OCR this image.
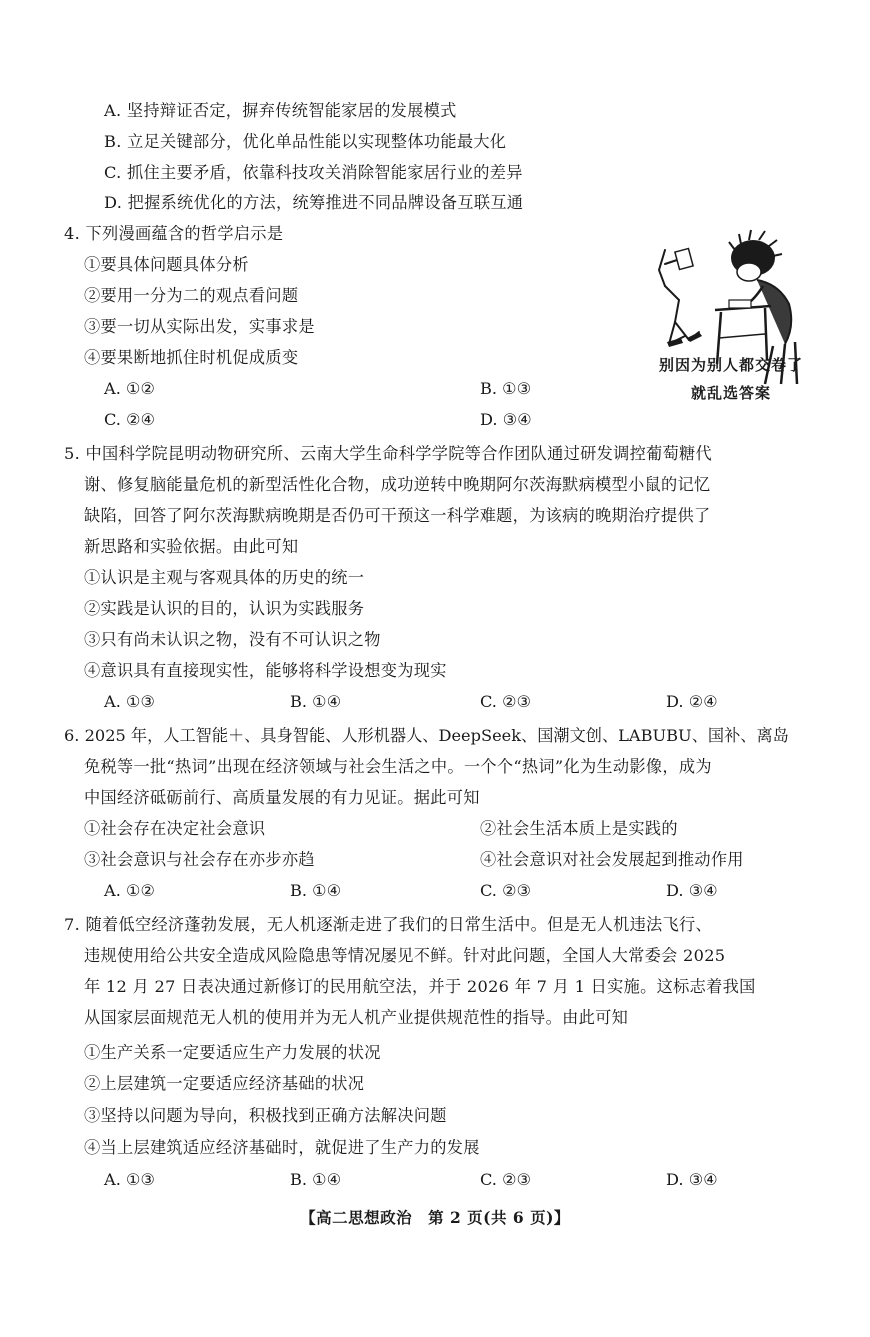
A. 坚持辩证否定，摒弃传统智能家居的发展模式
B. 立足关键部分，优化单品性能以实现整体功能最大化
C. 抓住主要矛盾，依靠科技攻关消除智能家居行业的差异
D. 把握系统优化的方法，统筹推进不同品牌设备互联互通
4. 下列漫画蕴含的哲学启示是
①要具体问题具体分析
②要用一分为二的观点看问题
③要一切从实际出发，实事求是
④要果断地抓住时机促成质变
A. ①②	B. ①③
C. ②④	D. ③④
别因为别人都交卷了
就乱选答案
5. 中国科学院昆明动物研究所、云南大学生命科学学院等合作团队通过研发调控葡萄糖代
谢、修复脑能量危机的新型活性化合物，成功逆转中晚期阿尔茨海默病模型小鼠的记忆
缺陷，回答了阿尔茨海默病晚期是否仍可干预这一科学难题，为该病的晚期治疗提供了
新思路和实验依据。由此可知
①认识是主观与客观具体的历史的统一
②实践是认识的目的，认识为实践服务
③只有尚未认识之物，没有不可认识之物
④意识具有直接现实性，能够将科学设想变为现实
A. ①③	B. ①④	C. ②③	D. ②④
6. 2025 年，人工智能＋、具身智能、人形机器人、DeepSeek、国潮文创、LABUBU、国补、离岛
免税等一批“热词”出现在经济领域与社会生活之中。一个个“热词”化为生动影像，成为
中国经济砥砺前行、高质量发展的有力见证。据此可知
①社会存在决定社会意识	②社会生活本质上是实践的
③社会意识与社会存在亦步亦趋	④社会意识对社会发展起到推动作用
A. ①②	B. ①④	C. ②③	D. ③④
7. 随着低空经济蓬勃发展，无人机逐渐走进了我们的日常生活中。但是无人机违法飞行、
违规使用给公共安全造成风险隐患等情况屡见不鲜。针对此问题，全国人大常委会 2025
年 12 月 27 日表决通过新修订的民用航空法，并于 2026 年 7 月 1 日实施。这标志着我国
从国家层面规范无人机的使用并为无人机产业提供规范性的指导。由此可知
①生产关系一定要适应生产力发展的状况
②上层建筑一定要适应经济基础的状况
③坚持以问题为导向，积极找到正确方法解决问题
④当上层建筑适应经济基础时，就促进了生产力的发展
A. ①③	B. ①④	C. ②③	D. ③④
【高二思想政治　第 2 页(共 6 页)】
